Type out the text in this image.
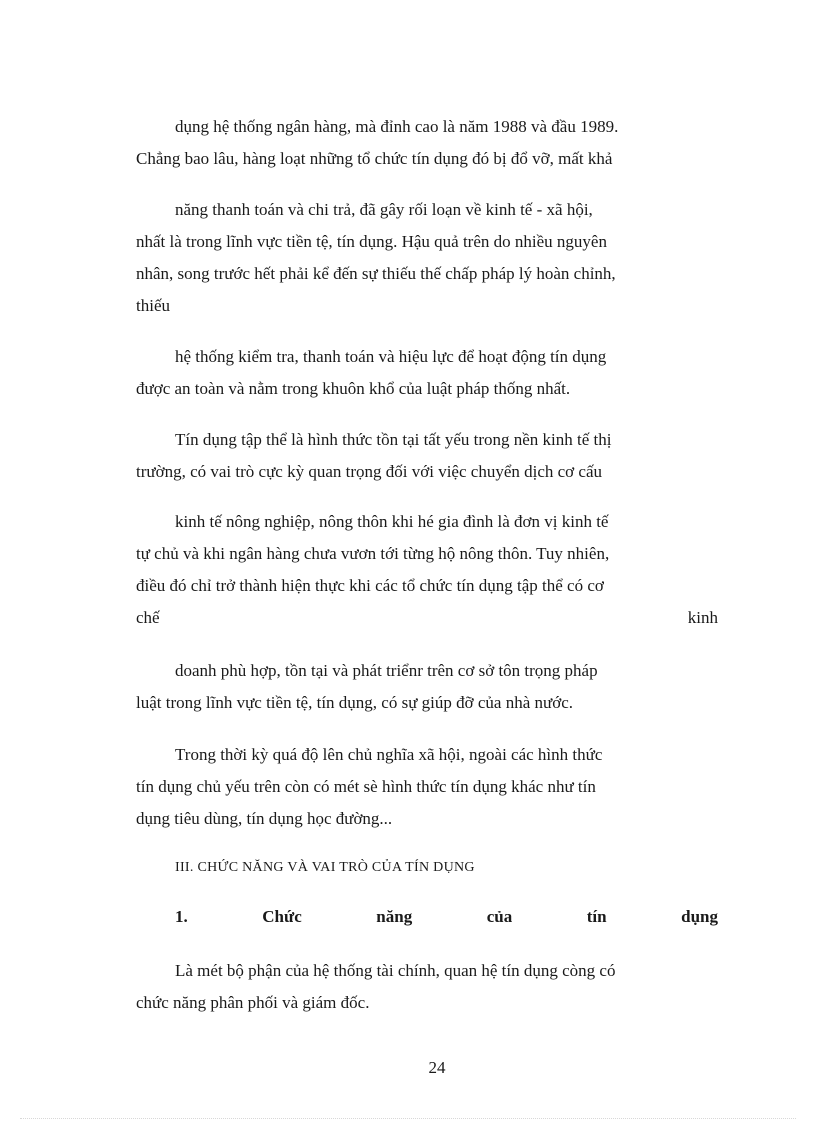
dụng hệ thống ngân hàng, mà đỉnh cao là năm 1988 và đầu 1989.
Chẳng bao lâu, hàng loạt những tổ chức tín dụng đó bị đổ vỡ, mất khả
năng thanh toán và chi trả, đã gây rối loạn về kinh tế - xã hội,
nhất là trong lĩnh vực tiền tệ, tín dụng. Hậu quả trên do nhiều nguyên
nhân, song trước hết phải kể đến sự thiếu thế chấp pháp lý hoàn chỉnh,
thiếu
hệ thống kiểm tra, thanh toán và hiệu lực để hoạt động tín dụng
được an toàn và nằm trong khuôn khổ của luật pháp thống nhất.
Tín dụng tập thể là hình thức tồn tại tất yếu trong nền kinh tế thị
trường, có vai trò cực kỳ quan trọng đối với việc chuyển dịch cơ cấu
kinh tế nông nghiệp, nông thôn khi hé gia đình là đơn vị kinh tế
tự chủ và khi ngân hàng chưa vươn tới từng hộ nông thôn. Tuy nhiên,
điều đó chỉ trở thành hiện thực khi các tổ chức tín dụng tập thể có cơ
chế kinh
doanh phù hợp, tồn tại và phát triểnr trên cơ sở tôn trọng pháp
luật trong lĩnh vực tiền tệ, tín dụng, có sự giúp đỡ của nhà nước.
Trong thời kỳ quá độ lên chủ nghĩa xã hội, ngoài các hình thức
tín dụng chủ yếu trên còn có mét sè hình thức tín dụng khác như tín
dụng tiêu dùng, tín dụng học đường...

III. CHỨC NĂNG VÀ VAI TRÒ CỦA TÍN DỤNG

1. Chức năng của tín dụng

Là mét bộ phận của hệ thống tài chính, quan hệ tín dụng còng có
chức năng phân phối và giám đốc.

24
